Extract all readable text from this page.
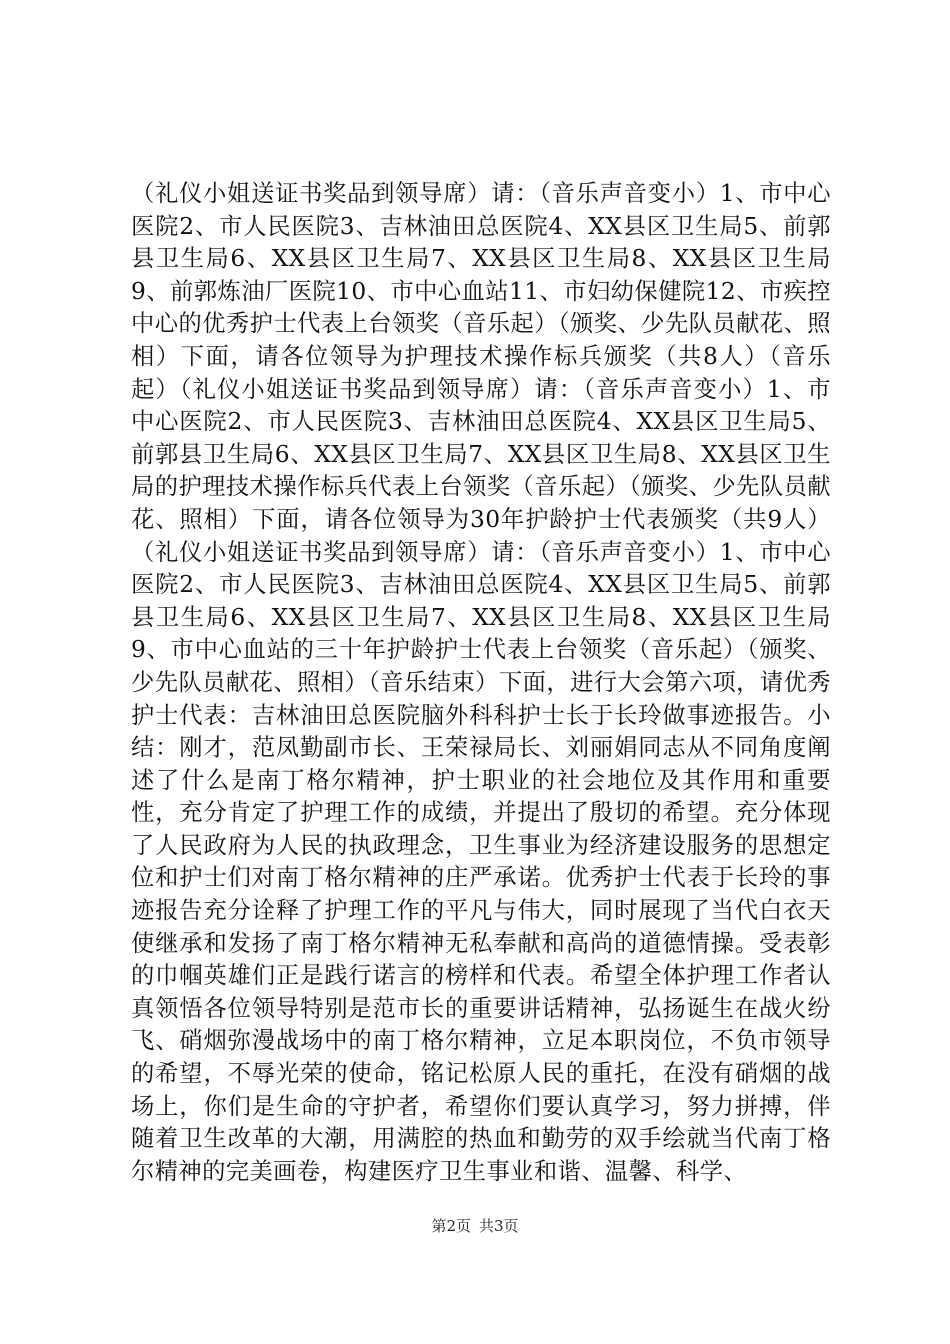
（礼仪小姐送证书奖品到领导席）请：（音乐声音变小）1、市中心医院2、市人民医院3、吉林油田总医院4、XX县区卫生局5、前郭县卫生局6、XX县区卫生局7、XX县区卫生局8、XX县区卫生局9、前郭炼油厂医院10、市中心血站11、市妇幼保健院12、市疾控中心的优秀护士代表上台领奖（音乐起）（颁奖、少先队员献花、照相）下面，请各位领导为护理技术操作标兵颁奖（共8人）（音乐起）（礼仪小姐送证书奖品到领导席）请：（音乐声音变小）1、市中心医院2、市人民医院3、吉林油田总医院4、XX县区卫生局5、前郭县卫生局6、XX县区卫生局7、XX县区卫生局8、XX县区卫生局的护理技术操作标兵代表上台领奖（音乐起）（颁奖、少先队员献花、照相）下面，请各位领导为30年护龄护士代表颁奖（共9人）（礼仪小姐送证书奖品到领导席）请：（音乐声音变小）1、市中心医院2、市人民医院3、吉林油田总医院4、XX县区卫生局5、前郭县卫生局6、XX县区卫生局7、XX县区卫生局8、XX县区卫生局9、市中心血站的三十年护龄护士代表上台领奖（音乐起）（颁奖、少先队员献花、照相）（音乐结束）下面，进行大会第六项，请优秀护士代表：吉林油田总医院脑外科科护士长于长玲做事迹报告。小结：刚才，范凤勤副市长、王荣禄局长、刘丽娟同志从不同角度阐述了什么是南丁格尔精神，护士职业的社会地位及其作用和重要性，充分肯定了护理工作的成绩，并提出了殷切的希望。充分体现了人民政府为人民的执政理念，卫生事业为经济建设服务的思想定位和护士们对南丁格尔精神的庄严承诺。优秀护士代表于长玲的事迹报告充分诠释了护理工作的平凡与伟大，同时展现了当代白衣天使继承和发扬了南丁格尔精神无私奉献和高尚的道德情操。受表彰的巾帼英雄们正是践行诺言的榜样和代表。希望全体护理工作者认真领悟各位领导特别是范市长的重要讲话精神，弘扬诞生在战火纷飞、硝烟弥漫战场中的南丁格尔精神，立足本职岗位，不负市领导的希望，不辱光荣的使命，铭记松原人民的重托，在没有硝烟的战场上，你们是生命的守护者，希望你们要认真学习，努力拼搏，伴随着卫生改革的大潮，用满腔的热血和勤劳的双手绘就当代南丁格尔精神的完美画卷，构建医疗卫生事业和谐、温馨、科学、

第2页 共3页
